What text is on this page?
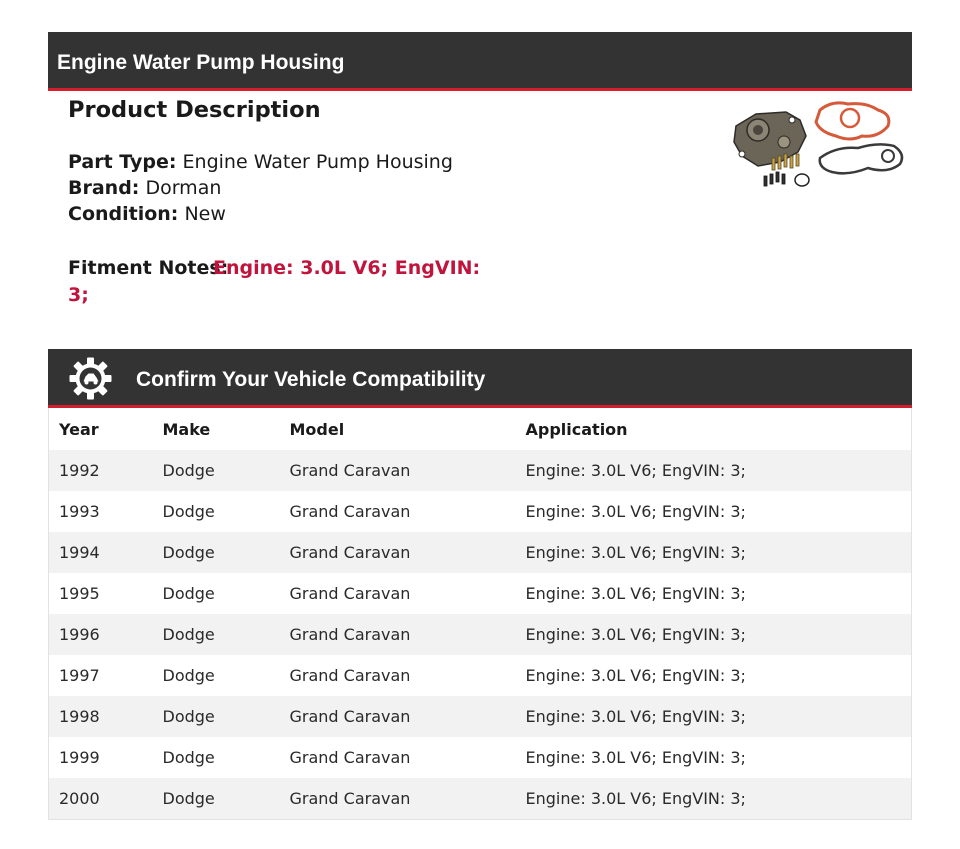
Engine Water Pump Housing
Product Description
Part Type: Engine Water Pump Housing
Brand: Dorman
Condition: New
Fitment Notes:
Engine: 3.0L V6; EngVIN:
3;
Confirm Your Vehicle Compatibility
Year	Make	Model	Application
1992	Dodge	Grand Caravan	Engine: 3.0L V6; EngVIN: 3;
1993	Dodge	Grand Caravan	Engine: 3.0L V6; EngVIN: 3;
1994	Dodge	Grand Caravan	Engine: 3.0L V6; EngVIN: 3;
1995	Dodge	Grand Caravan	Engine: 3.0L V6; EngVIN: 3;
1996	Dodge	Grand Caravan	Engine: 3.0L V6; EngVIN: 3;
1997	Dodge	Grand Caravan	Engine: 3.0L V6; EngVIN: 3;
1998	Dodge	Grand Caravan	Engine: 3.0L V6; EngVIN: 3;
1999	Dodge	Grand Caravan	Engine: 3.0L V6; EngVIN: 3;
2000	Dodge	Grand Caravan	Engine: 3.0L V6; EngVIN: 3;
